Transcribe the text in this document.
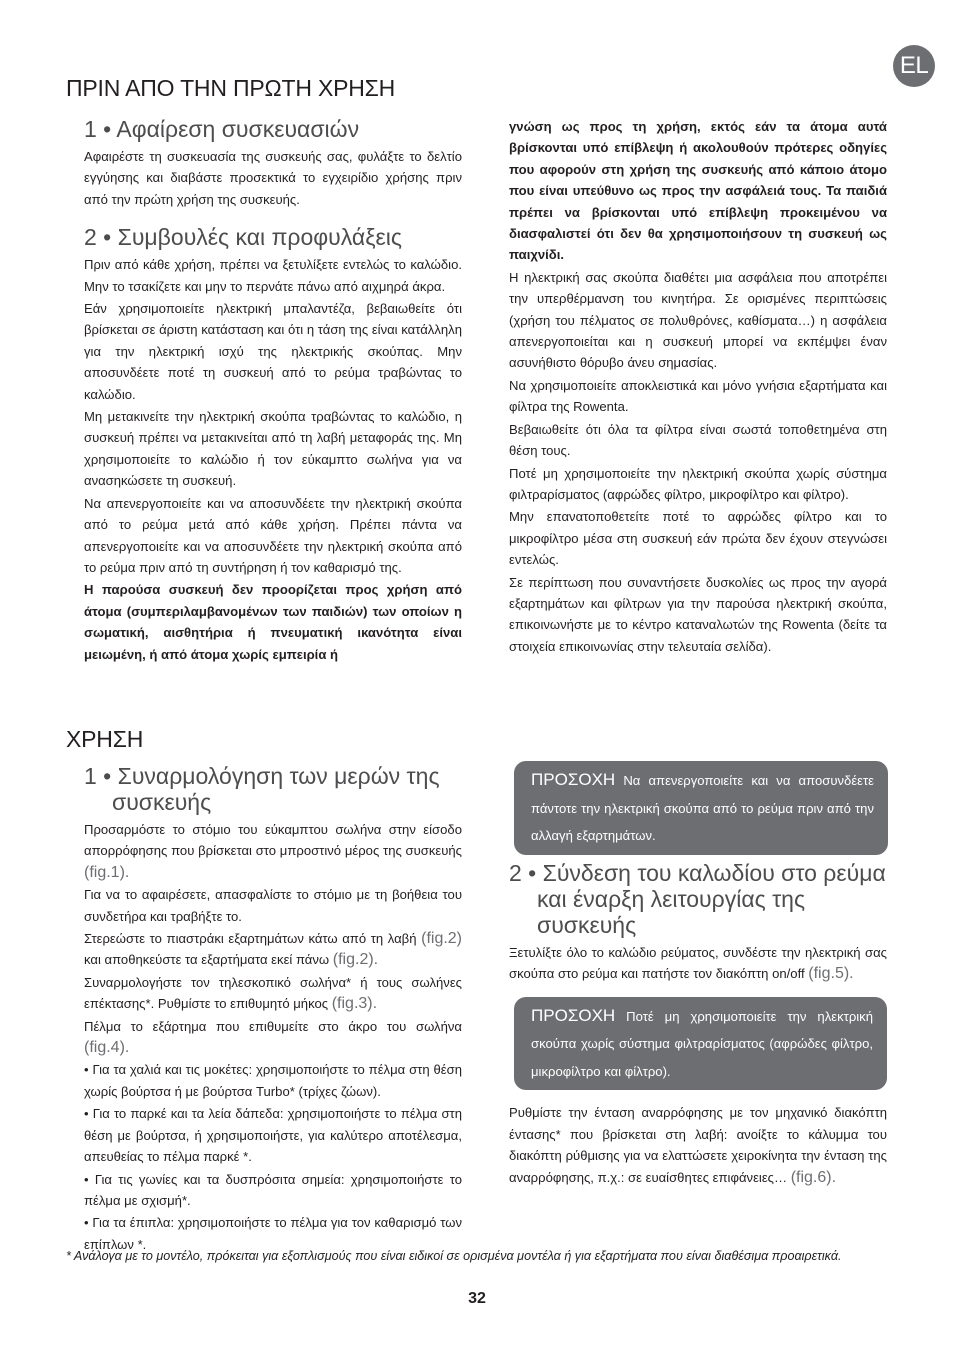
EL
ΠΡΙΝ ΑΠΟ ΤΗΝ ΠΡΩΤΗ ΧΡΗΣΗ
1 • Αφαίρεση συσκευασιών

Αφαιρέστε τη συσκευασία της συσκευής σας, φυλάξτε το δελτίο εγγύησης και διαβάστε προσεκτικά το εγχειρίδιο χρήσης πριν από την πρώτη χρήση της συσκευής.

2 • Συμβουλές και προφυλάξεις

Πριν από κάθε χρήση, πρέπει να ξετυλίξετε εντελώς το καλώδιο. Μην το τσακίζετε και μην το περνάτε πάνω από αιχμηρά άκρα.

Εάν χρησιμοποιείτε ηλεκτρική μπαλαντέζα, βεβαιωθείτε ότι βρίσκεται σε άριστη κατάσταση και ότι η τάση της είναι κατάλληλη για την ηλεκτρική ισχύ της ηλεκτρικής σκούπας. Μην αποσυνδέετε ποτέ τη συσκευή από το ρεύμα τραβώντας το καλώδιο.

Μη μετακινείτε την ηλεκτρική σκούπα τραβώντας το καλώδιο, η συσκευή πρέπει να μετακινείται από τη λαβή μεταφοράς της. Μη χρησιμοποιείτε το καλώδιο ή τον εύκαμπτο σωλήνα για να ανασηκώσετε τη συσκευή.

Να απενεργοποιείτε και να αποσυνδέετε την ηλεκτρική σκούπα από το ρεύμα μετά από κάθε χρήση. Πρέπει πάντα να απενεργοποιείτε και να αποσυνδέετε την ηλεκτρική σκούπα από το ρεύμα πριν από τη συντήρηση ή τον καθαρισμό της.

Η παρούσα συσκευή δεν προορίζεται προς χρήση από άτομα (συμπεριλαμβανομένων των παιδιών) των οποίων η σωματική, αισθητήρια ή πνευματική ικανότητα είναι μειωμένη, ή από άτομα χωρίς εμπειρία ή

γνώση ως προς τη χρήση, εκτός εάν τα άτομα αυτά βρίσκονται υπό επίβλεψη ή ακολουθούν πρότερες οδηγίες που αφορούν στη χρήση της συσκευής από κάποιο άτομο που είναι υπεύθυνο ως προς την ασφάλειά τους. Τα παιδιά πρέπει να βρίσκονται υπό επίβλεψη προκειμένου να διασφαλιστεί ότι δεν θα χρησιμοποιήσουν τη συσκευή ως παιχνίδι.

Η ηλεκτρική σας σκούπα διαθέτει μια ασφάλεια που αποτρέπει την υπερθέρμανση του κινητήρα. Σε ορισμένες περιπτώσεις (χρήση του πέλματος σε πολυθρόνες, καθίσματα…) η ασφάλεια απενεργοποιείται και η συσκευή μπορεί να εκπέμψει έναν ασυνήθιστο θόρυβο άνευ σημασίας.

Να χρησιμοποιείτε αποκλειστικά και μόνο γνήσια εξαρτήματα και φίλτρα της Rowenta.

Βεβαιωθείτε ότι όλα τα φίλτρα είναι σωστά τοποθετημένα στη θέση τους.

Ποτέ μη χρησιμοποιείτε την ηλεκτρική σκούπα χωρίς σύστημα φιλτραρίσματος (αφρώδες φίλτρο, μικροφίλτρο και φίλτρο).

Μην επανατοποθετείτε ποτέ το αφρώδες φίλτρο και το μικροφίλτρο μέσα στη συσκευή εάν πρώτα δεν έχουν στεγνώσει εντελώς.

Σε περίπτωση που συναντήσετε δυσκολίες ως προς την αγορά εξαρτημάτων και φίλτρων για την παρούσα ηλεκτρική σκούπα, επικοινωνήστε με το κέντρο καταναλωτών της Rowenta (δείτε τα στοιχεία επικοινωνίας στην τελευταία σελίδα).

ΧΡΗΣΗ
1 • Συναρμολόγηση των μερών της συσκευής

Προσαρμόστε το στόμιο του εύκαμπτου σωλήνα στην είσοδο απορρόφησης που βρίσκεται στο μπροστινό μέρος της συσκευής (fig.1).

Για να το αφαιρέσετε, απασφαλίστε το στόμιο με τη βοήθεια του συνδετήρα και τραβήξτε το.

Στερεώστε το πιαστράκι εξαρτημάτων κάτω από τη λαβή (fig.2) και αποθηκεύστε τα εξαρτήματα εκεί πάνω (fig.2).

Συναρμολογήστε τον τηλεσκοπικό σωλήνα* ή τους σωλήνες επέκτασης*. Ρυθμίστε το επιθυμητό μήκος (fig.3).

Πέλμα το εξάρτημα που επιθυμείτε στο άκρο του σωλήνα (fig.4).

• Για τα χαλιά και τις μοκέτες: χρησιμοποιήστε το πέλμα στη θέση χωρίς βούρτσα ή με βούρτσα Turbo* (τρίχες ζώων).

• Για το παρκέ και τα λεία δάπεδα: χρησιμοποιήστε το πέλμα στη θέση με βούρτσα, ή χρησιμοποιήστε, για καλύτερο αποτέλεσμα, απευθείας το πέλμα παρκέ *.

• Για τις γωνίες και τα δυσπρόσιτα σημεία: χρησιμοποιήστε το πέλμα με σχισμή*.

• Για τα έπιπλα: χρησιμοποιήστε το πέλμα για τον καθαρισμό των επίπλων *.

ΠΡΟΣΟΧΗ Να απενεργοποιείτε και να αποσυνδέετε πάντοτε την ηλεκτρική σκούπα από το ρεύμα πριν από την αλλαγή εξαρτημάτων.
2 • Σύνδεση του καλωδίου στο ρεύμα και έναρξη λειτουργίας της συσκευής

Ξετυλίξτε όλο το καλώδιο ρεύματος, συνδέστε την ηλεκτρική σας σκούπα στο ρεύμα και πατήστε τον διακόπτη on/off (fig.5).

ΠΡΟΣΟΧΗ Ποτέ μη χρησιμοποιείτε την ηλεκτρική σκούπα χωρίς σύστημα φιλτραρίσματος (αφρώδες φίλτρο, μικροφίλτρο και φίλτρο).

Ρυθμίστε την ένταση αναρρόφησης με τον μηχανικό διακόπτη έντασης* που βρίσκεται στη λαβή: ανοίξτε το κάλυμμα του διακόπτη ρύθμισης για να ελαττώσετε χειροκίνητα την ένταση της αναρρόφησης, π.χ.: σε ευαίσθητες επιφάνειες… (fig.6).

* Ανάλογα με το μοντέλο, πρόκειται για εξοπλισμούς που είναι ειδικοί σε ορισμένα μοντέλα ή για εξαρτήματα που είναι διαθέσιμα προαιρετικά.
32
